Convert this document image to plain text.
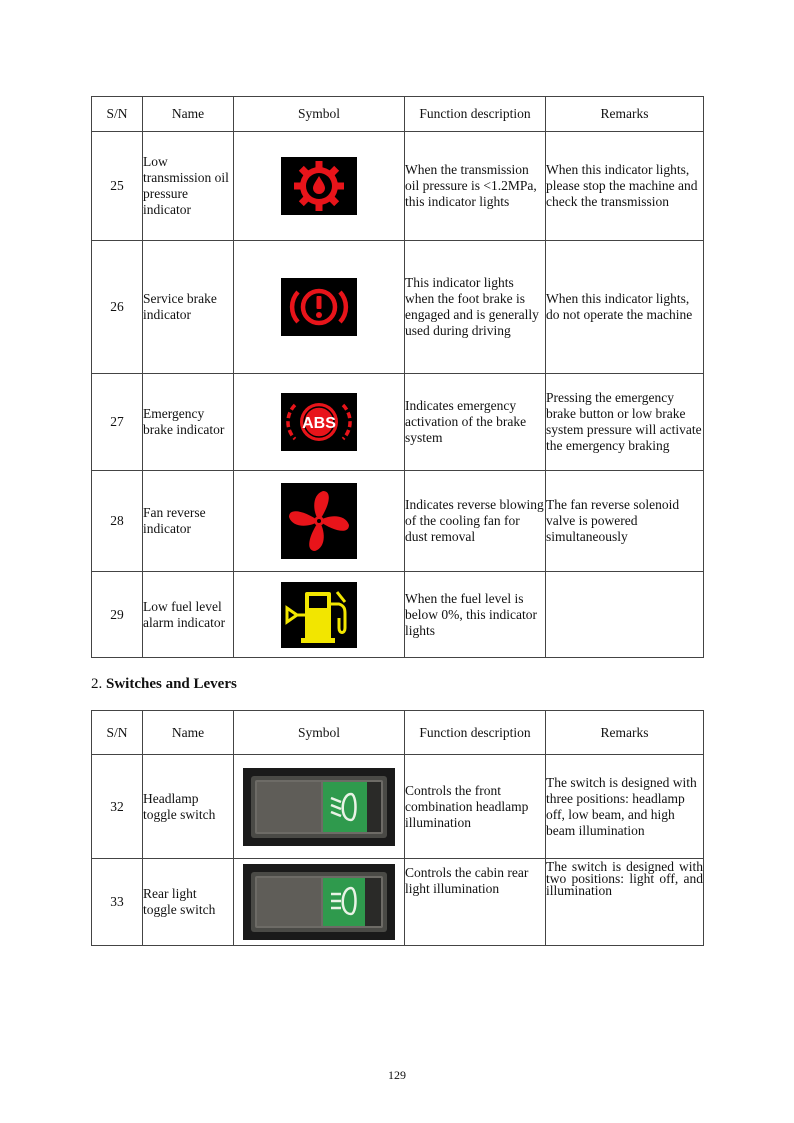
S/N	Name	Symbol	Function description	Remarks
25	Low transmission oil pressure indicator		When the transmission oil pressure is <1.2MPa, this indicator lights	When this indicator lights, please stop the machine and check the transmission
26	Service brake indicator		This indicator lights when the foot brake is engaged and is generally used during driving	When this indicator lights, do not operate the machine
27	Emergency brake indicator	ABS	Indicates emergency activation of the brake system	Pressing the emergency brake button or low brake system pressure will activate the emergency braking
28	Fan reverse indicator		Indicates reverse blowing of the cooling fan for dust removal	The fan reverse solenoid valve is powered simultaneously
29	Low fuel level alarm indicator		When the fuel level is below 0%, this indicator lights	
2. Switches and Levers
S/N	Name	Symbol	Function description	Remarks
32	Headlamp toggle switch		Controls the front combination headlamp illumination	The switch is designed with three positions: headlamp off, low beam, and high beam illumination
33	Rear light toggle switch		Controls the cabin rear light illumination	The switch is designed with two positions: light off, and illumination
129
